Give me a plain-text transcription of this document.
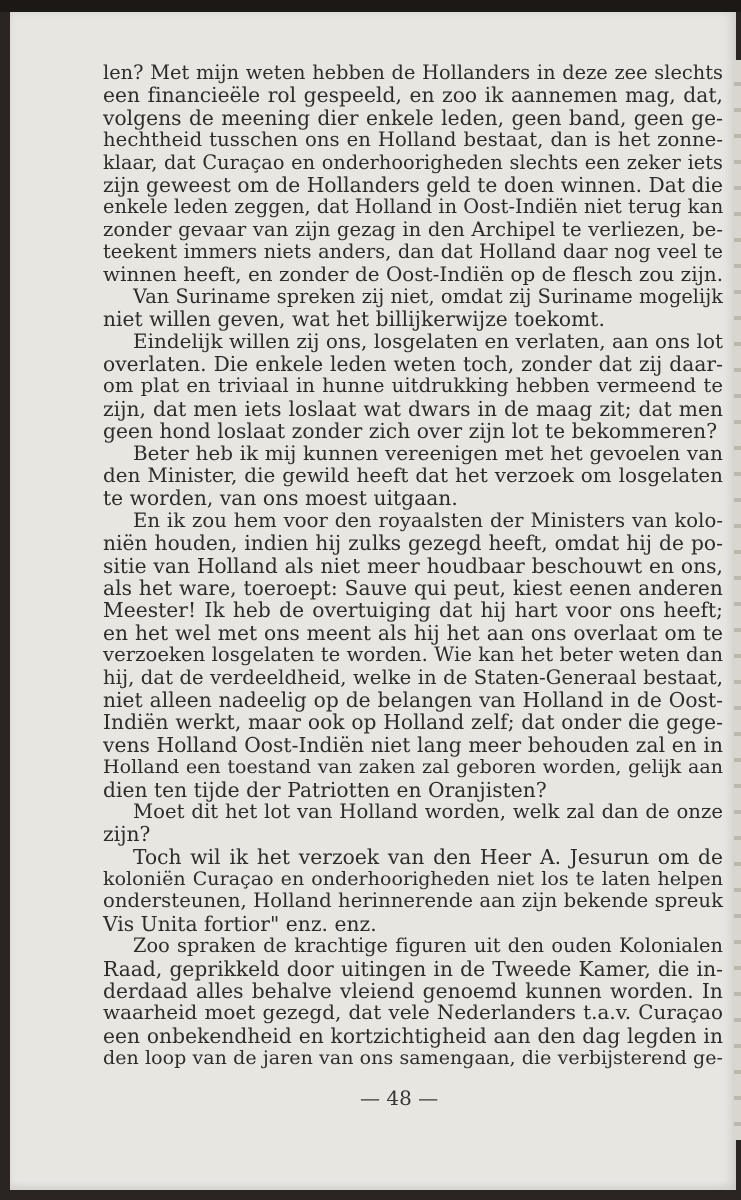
len? Met mijn weten hebben de Hollanders in deze zee slechts
een financieële rol gespeeld, en zoo ik aannemen mag, dat,
volgens de meening dier enkele leden, geen band, geen ge-
hechtheid tusschen ons en Holland bestaat, dan is het zonne-
klaar, dat Curaçao en onderhoorigheden slechts een zeker iets
zijn geweest om de Hollanders geld te doen winnen. Dat die
enkele leden zeggen, dat Holland in Oost-Indiën niet terug kan
zonder gevaar van zijn gezag in den Archipel te verliezen, be-
teekent immers niets anders, dan dat Holland daar nog veel te
winnen heeft, en zonder de Oost-Indiën op de flesch zou zijn.
Van Suriname spreken zij niet, omdat zij Suriname mogelijk
niet willen geven, wat het billijkerwijze toekomt.
Eindelijk willen zij ons, losgelaten en verlaten, aan ons lot
overlaten. Die enkele leden weten toch, zonder dat zij daar-
om plat en triviaal in hunne uitdrukking hebben vermeend te
zijn, dat men iets loslaat wat dwars in de maag zit; dat men
geen hond loslaat zonder zich over zijn lot te bekommeren?
Beter heb ik mij kunnen vereenigen met het gevoelen van
den Minister, die gewild heeft dat het verzoek om losgelaten
te worden, van ons moest uitgaan.
En ik zou hem voor den royaalsten der Ministers van kolo-
niën houden, indien hij zulks gezegd heeft, omdat hij de po-
sitie van Holland als niet meer houdbaar beschouwt en ons,
als het ware, toeroept: Sauve qui peut, kiest eenen anderen
Meester! Ik heb de overtuiging dat hij hart voor ons heeft;
en het wel met ons meent als hij het aan ons overlaat om te
verzoeken losgelaten te worden. Wie kan het beter weten dan
hij, dat de verdeeldheid, welke in de Staten-Generaal bestaat,
niet alleen nadeelig op de belangen van Holland in de Oost-
Indiën werkt, maar ook op Holland zelf; dat onder die gege-
vens Holland Oost-Indiën niet lang meer behouden zal en in
Holland een toestand van zaken zal geboren worden, gelijk aan
dien ten tijde der Patriotten en Oranjisten?
Moet dit het lot van Holland worden, welk zal dan de onze
zijn?
Toch wil ik het verzoek van den Heer A. Jesurun om de
koloniën Curaçao en onderhoorigheden niet los te laten helpen
ondersteunen, Holland herinnerende aan zijn bekende spreuk
Vis Unita fortior" enz. enz.
Zoo spraken de krachtige figuren uit den ouden Kolonialen
Raad, geprikkeld door uitingen in de Tweede Kamer, die in-
derdaad alles behalve vleiend genoemd kunnen worden. In
waarheid moet gezegd, dat vele Nederlanders t.a.v. Curaçao
een onbekendheid en kortzichtigheid aan den dag legden in
den loop van de jaren van ons samengaan, die verbijsterend ge-
— 48 —
